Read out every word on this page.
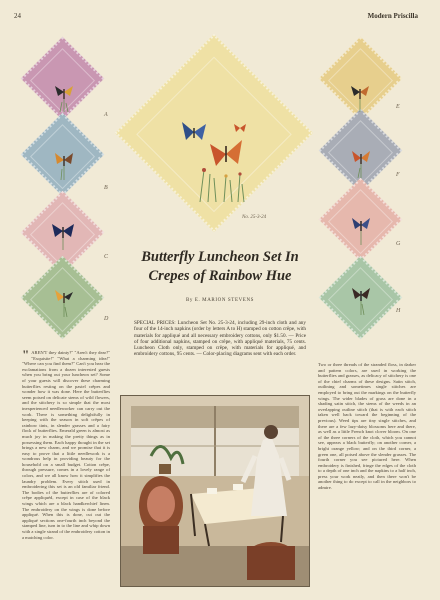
24	Modern Priscilla
A
B
C
D
E
F
G
H
No. 25-3-24
Butterfly Luncheon Set In
Crepes of Rainbow Hue
By E. MARION STEVENS
SPECIAL PRICES: Luncheon Set No. 25-3-24, including 29-inch cloth and any four of the 14-inch napkins (order by letters A to H) stamped on cotton crêpe, with materials for appliqué and all necessary embroidery cottons, only $1.50. — Price of four additional napkins, stamped on crêpe, with appliqué materials, 75 cents. Luncheon Cloth only, stamped on crêpe, with materials for appliqué, and embroidery cottons, 95 cents. — Color-placing diagrams sent with each order.
" AREN'T they dainty?" "Aren't they dear?" "Exquisite!" "What a charming idea!" "Where can you find them?" Can't you hear the exclamations from a dozen interested guests when you bring out your luncheon set? Some of your guests will discover these charming butterflies resting on the pastel crêpes and wonder how it was done. Here the butterflies seem poised on delicate stems of wild flowers, and the stitchery is so simple that the most inexperienced needleworker can carry out the work. There is something delightfully in keeping with the season in soft crêpes of rainbow tints, in slender grasses and a fairy flock of butterflies. Emerald green is almost as much joy in making the pretty things as in possessing them. Each happy thought in the set brings a new charm, and we promise that it is easy to prove that a little needlework is a wondrous help in providing beauty for the household on a small budget. Cotton crêpe, through pressure, comes in a lovely range of colors, and we all know how it simplifies the laundry problem. Every stitch used in embroidering this set is an old familiar friend. The bodies of the butterflies are of colored crêpe appliquéd, except in case of the black wings which are a black handkerchief linen. The embroidery on the wings is done before appliqué. When this is done, cut out the appliqué sections one-fourth inch beyond the stamped line, turn in to the line and whip down with a single strand of the embroidery cotton in a matching color.
Two or three threads of the stranded floss, in darker and pattern colors, are used in working the butterflies and grasses, as delicacy of stitchery is one of the chief charms of these designs. Satin stitch, outlining and sometimes single stitches are employed to bring out the markings on the butterfly wings. The wider blades of grass are done in a shading satin stitch, the stems of the weeds in an overlapping outline stitch (that is with each stitch taken well back toward the beginning of the previous). Weed tips are tiny single stitches, and there are a few lazy-daisy blossoms here and there, as well as a little French knot clover bloom. On one of the three corners of the cloth, which you cannot see, appears a black butterfly; on another corner, a bright orange yellow; and on the third corner, a green one, all poised above the slender grasses. The fourth corner you see pictured here. When embroidery is finished, fringe the edges of the cloth to a depth of one inch and the napkins to a half inch, press your work neatly, and then there won't be another thing to do except to call in the neighbors to admire.
